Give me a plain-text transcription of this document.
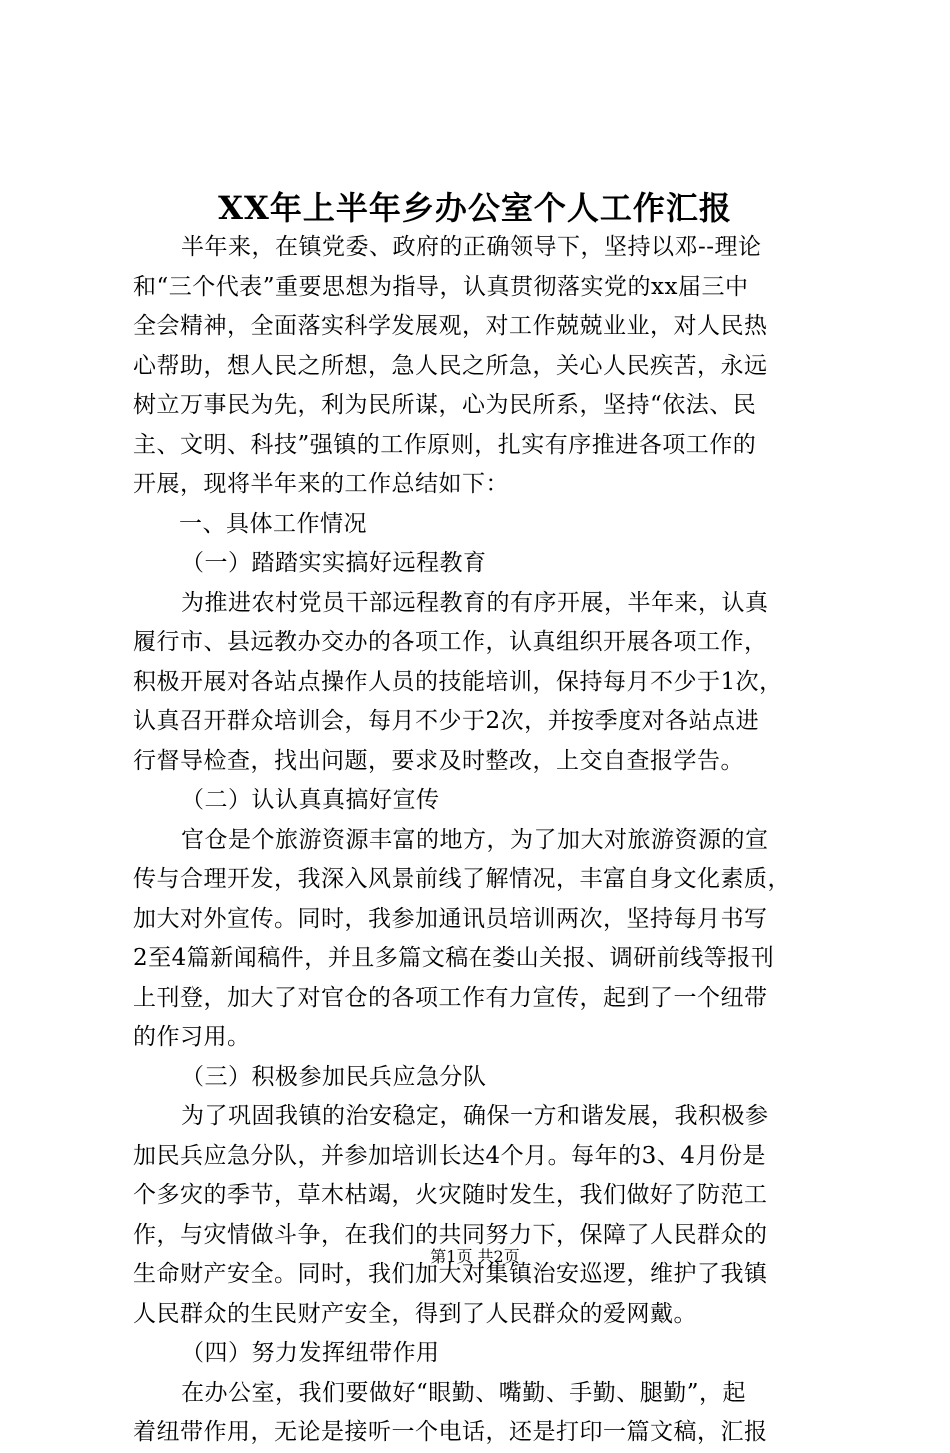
XX年上半年乡办公室个人工作汇报
半年来，在镇党委、政府的正确领导下，坚持以邓--理论
和“三个代表”重要思想为指导，认真贯彻落实党的xx届三中
全会精神，全面落实科学发展观，对工作兢兢业业，对人民热
心帮助，想人民之所想，急人民之所急，关心人民疾苦，永远
树立万事民为先，利为民所谋，心为民所系，坚持“依法、民
主、文明、科技”强镇的工作原则，扎实有序推进各项工作的
开展，现将半年来的工作总结如下：
一、具体工作情况
（一）踏踏实实搞好远程教育
为推进农村党员干部远程教育的有序开展，半年来，认真
履行市、县远教办交办的各项工作，认真组织开展各项工作，
积极开展对各站点操作人员的技能培训，保持每月不少于1次，
认真召开群众培训会，每月不少于2次，并按季度对各站点进
行督导检查，找出问题，要求及时整改，上交自查报学告。
（二）认认真真搞好宣传
官仓是个旅游资源丰富的地方，为了加大对旅游资源的宣
传与合理开发，我深入风景前线了解情况，丰富自身文化素质，
加大对外宣传。同时，我参加通讯员培训两次，坚持每月书写
2至4篇新闻稿件，并且多篇文稿在娄山关报、调研前线等报刊
上刊登，加大了对官仓的各项工作有力宣传，起到了一个纽带
的作习用。
（三）积极参加民兵应急分队
为了巩固我镇的治安稳定，确保一方和谐发展，我积极参
加民兵应急分队，并参加培训长达4个月。每年的3、4月份是
个多灾的季节，草木枯竭，火灾随时发生，我们做好了防范工
作，与灾情做斗争，在我们的共同努力下，保障了人民群众的
生命财产安全。同时，我们加大对集镇治安巡逻，维护了我镇
人民群众的生民财产安全，得到了人民群众的爱网戴。
（四）努力发挥纽带作用
在办公室，我们要做好“眼勤、嘴勤、手勤、腿勤”，起
着纽带作用，无论是接听一个电话，还是打印一篇文稿，汇报
第1页 共2页
